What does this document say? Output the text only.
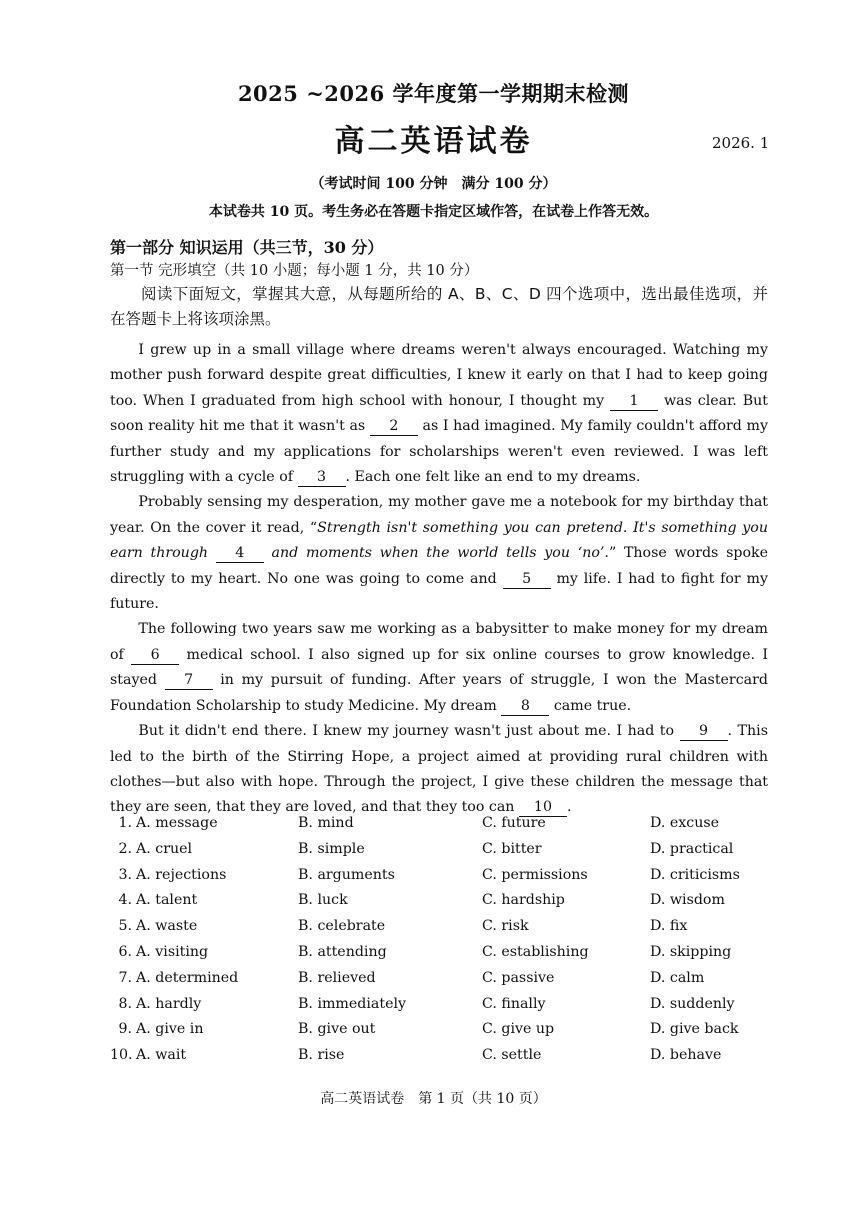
2025 ~2026 学年度第一学期期末检测
高二英语试卷	2026. 1
（考试时间 100 分钟　满分 100 分）
本试卷共 10 页。考生务必在答题卡指定区域作答，在试卷上作答无效。
第一部分 知识运用（共三节，30 分）
第一节 完形填空（共 10 小题；每小题 1 分，共 10 分）

阅读下面短文，掌握其大意，从每题所给的 A、B、C、D 四个选项中，选出最佳选项，并在答题卡上将该项涂黑。

I grew up in a small village where dreams weren't always encouraged. Watching my mother push forward despite great difficulties, I knew it early on that I had to keep going too. When I graduated from high school with honour, I thought my 1 was clear. But soon reality hit me that it wasn't as 2 as I had imagined. My family couldn't afford my further study and my applications for scholarships weren't even reviewed. I was left struggling with a cycle of 3 . Each one felt like an end to my dreams.

Probably sensing my desperation, my mother gave me a notebook for my birthday that year. On the cover it read, “Strength isn't something you can pretend. It's something you earn through 4 and moments when the world tells you ‘no’.” Those words spoke directly to my heart. No one was going to come and 5 my life. I had to fight for my future.

The following two years saw me working as a babysitter to make money for my dream of 6 medical school. I also signed up for six online courses to grow knowledge. I stayed 7 in my pursuit of funding. After years of struggle, I won the Mastercard Foundation Scholarship to study Medicine. My dream 8 came true.

But it didn't end there. I knew my journey wasn't just about me. I had to 9 . This led to the birth of the Stirring Hope, a project aimed at providing rural children with clothes—but also with hope. Through the project, I give these children the message that they are seen, that they are loved, and that they too can 10 .

1. A. message	B. mind	C. future	D. excuse
2. A. cruel	B. simple	C. bitter	D. practical
3. A. rejections	B. arguments	C. permissions	D. criticisms
4. A. talent	B. luck	C. hardship	D. wisdom
5. A. waste	B. celebrate	C. risk	D. fix
6. A. visiting	B. attending	C. establishing	D. skipping
7. A. determined	B. relieved	C. passive	D. calm
8. A. hardly	B. immediately	C. finally	D. suddenly
9. A. give in	B. give out	C. give up	D. give back
10. A. wait	B. rise	C. settle	D. behave
高二英语试卷　第 1 页（共 10 页）
